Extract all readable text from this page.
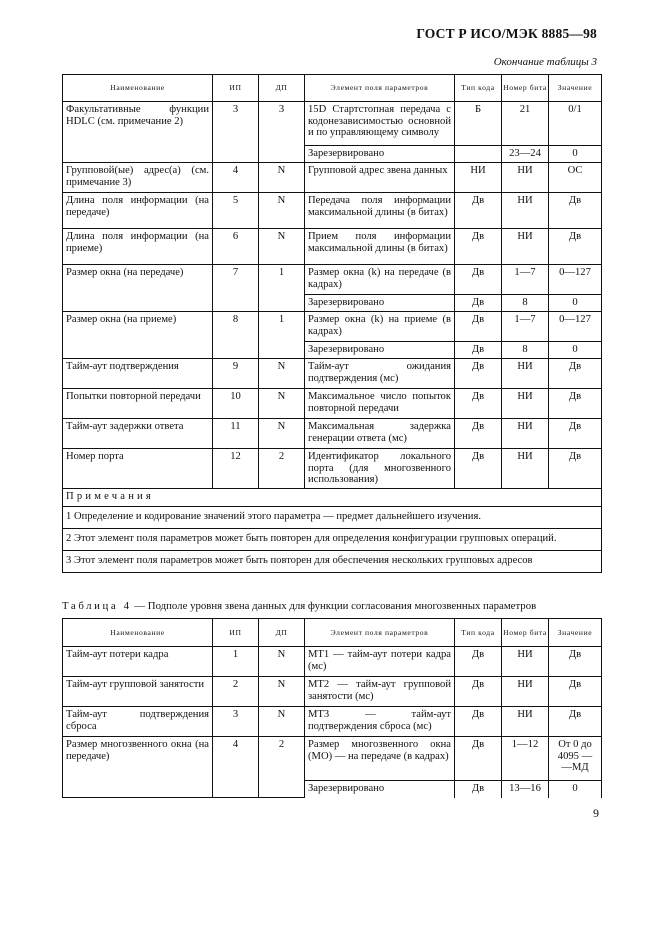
ГОСТ Р ИСО/МЭК 8885—98
Окончание таблицы 3
Наименование	ИП	ДП	Элемент поля параметров	Тип кода	Номер бита	Значение
Факультативные функции HDLC (см. примечание 2)	3	3	15D Стартстопная передача с кодонезависимостью основной и по управляющему символу	Б	21	0/1
			Зарезервировано		23—24	0
Групповой(ые) адрес(а) (см. примечание 3)	4	N	Групповой адрес звена данных	НИ	НИ	ОС
Длина поля информации (на передаче)	5	N	Передача поля информации максимальной длины (в битах)	Дв	НИ	Дв
Длина поля информации (на приеме)	6	N	Прием поля информации максимальной длины (в битах)	Дв	НИ	Дв
Размер окна (на передаче)	7	1	Размер окна (k) на передаче (в кадрах)	Дв	1—7	0—127
			Зарезервировано	Дв	8	0
Размер окна (на приеме)	8	1	Размер окна (k) на приеме (в кадрах)	Дв	1—7	0—127
			Зарезервировано	Дв	8	0
Тайм-аут подтверждения	9	N	Тайм-аут ожидания подтверждения (мс)	Дв	НИ	Дв
Попытки повторной передачи	10	N	Максимальное число попыток повторной передачи	Дв	НИ	Дв
Тайм-аут задержки ответа	11	N	Максимальная задержка генерации ответа (мс)	Дв	НИ	Дв
Номер порта	12	2	Идентификатор локального порта (для многозвенного использования)	Дв	НИ	Дв
Примечания						
1 Определение и кодирование значений этого параметра — предмет дальнейшего изучения.						
2 Этот элемент поля параметров может быть повторен для определения конфигурации групповых операций.						
3 Этот элемент поля параметров может быть повторен для обеспечения нескольких групповых адресов						
Таблица 4 — Подполе уровня звена данных для функции согласования многозвенных параметров
Наименование	ИП	ДП	Элемент поля параметров	Тип кода	Номер бита	Значение
Тайм-аут потери кадра	1	N	MT1 — тайм-аут потери кадра (мс)	Дв	НИ	Дв
Тайм-аут групповой занятости	2	N	MT2 — тайм-аут групповой занятости (мс)	Дв	НИ	Дв
Тайм-аут подтверждения сброса	3	N	MT3 — тайм-аут подтверждения сброса (мс)	Дв	НИ	Дв
Размер многозвенного окна (на передаче)	4	2	Размер многозвенного окна (МО) — на передаче (в кадрах)	Дв	1—12	От 0 до 4095 — —МД
			Зарезервировано	Дв	13—16	0
9
